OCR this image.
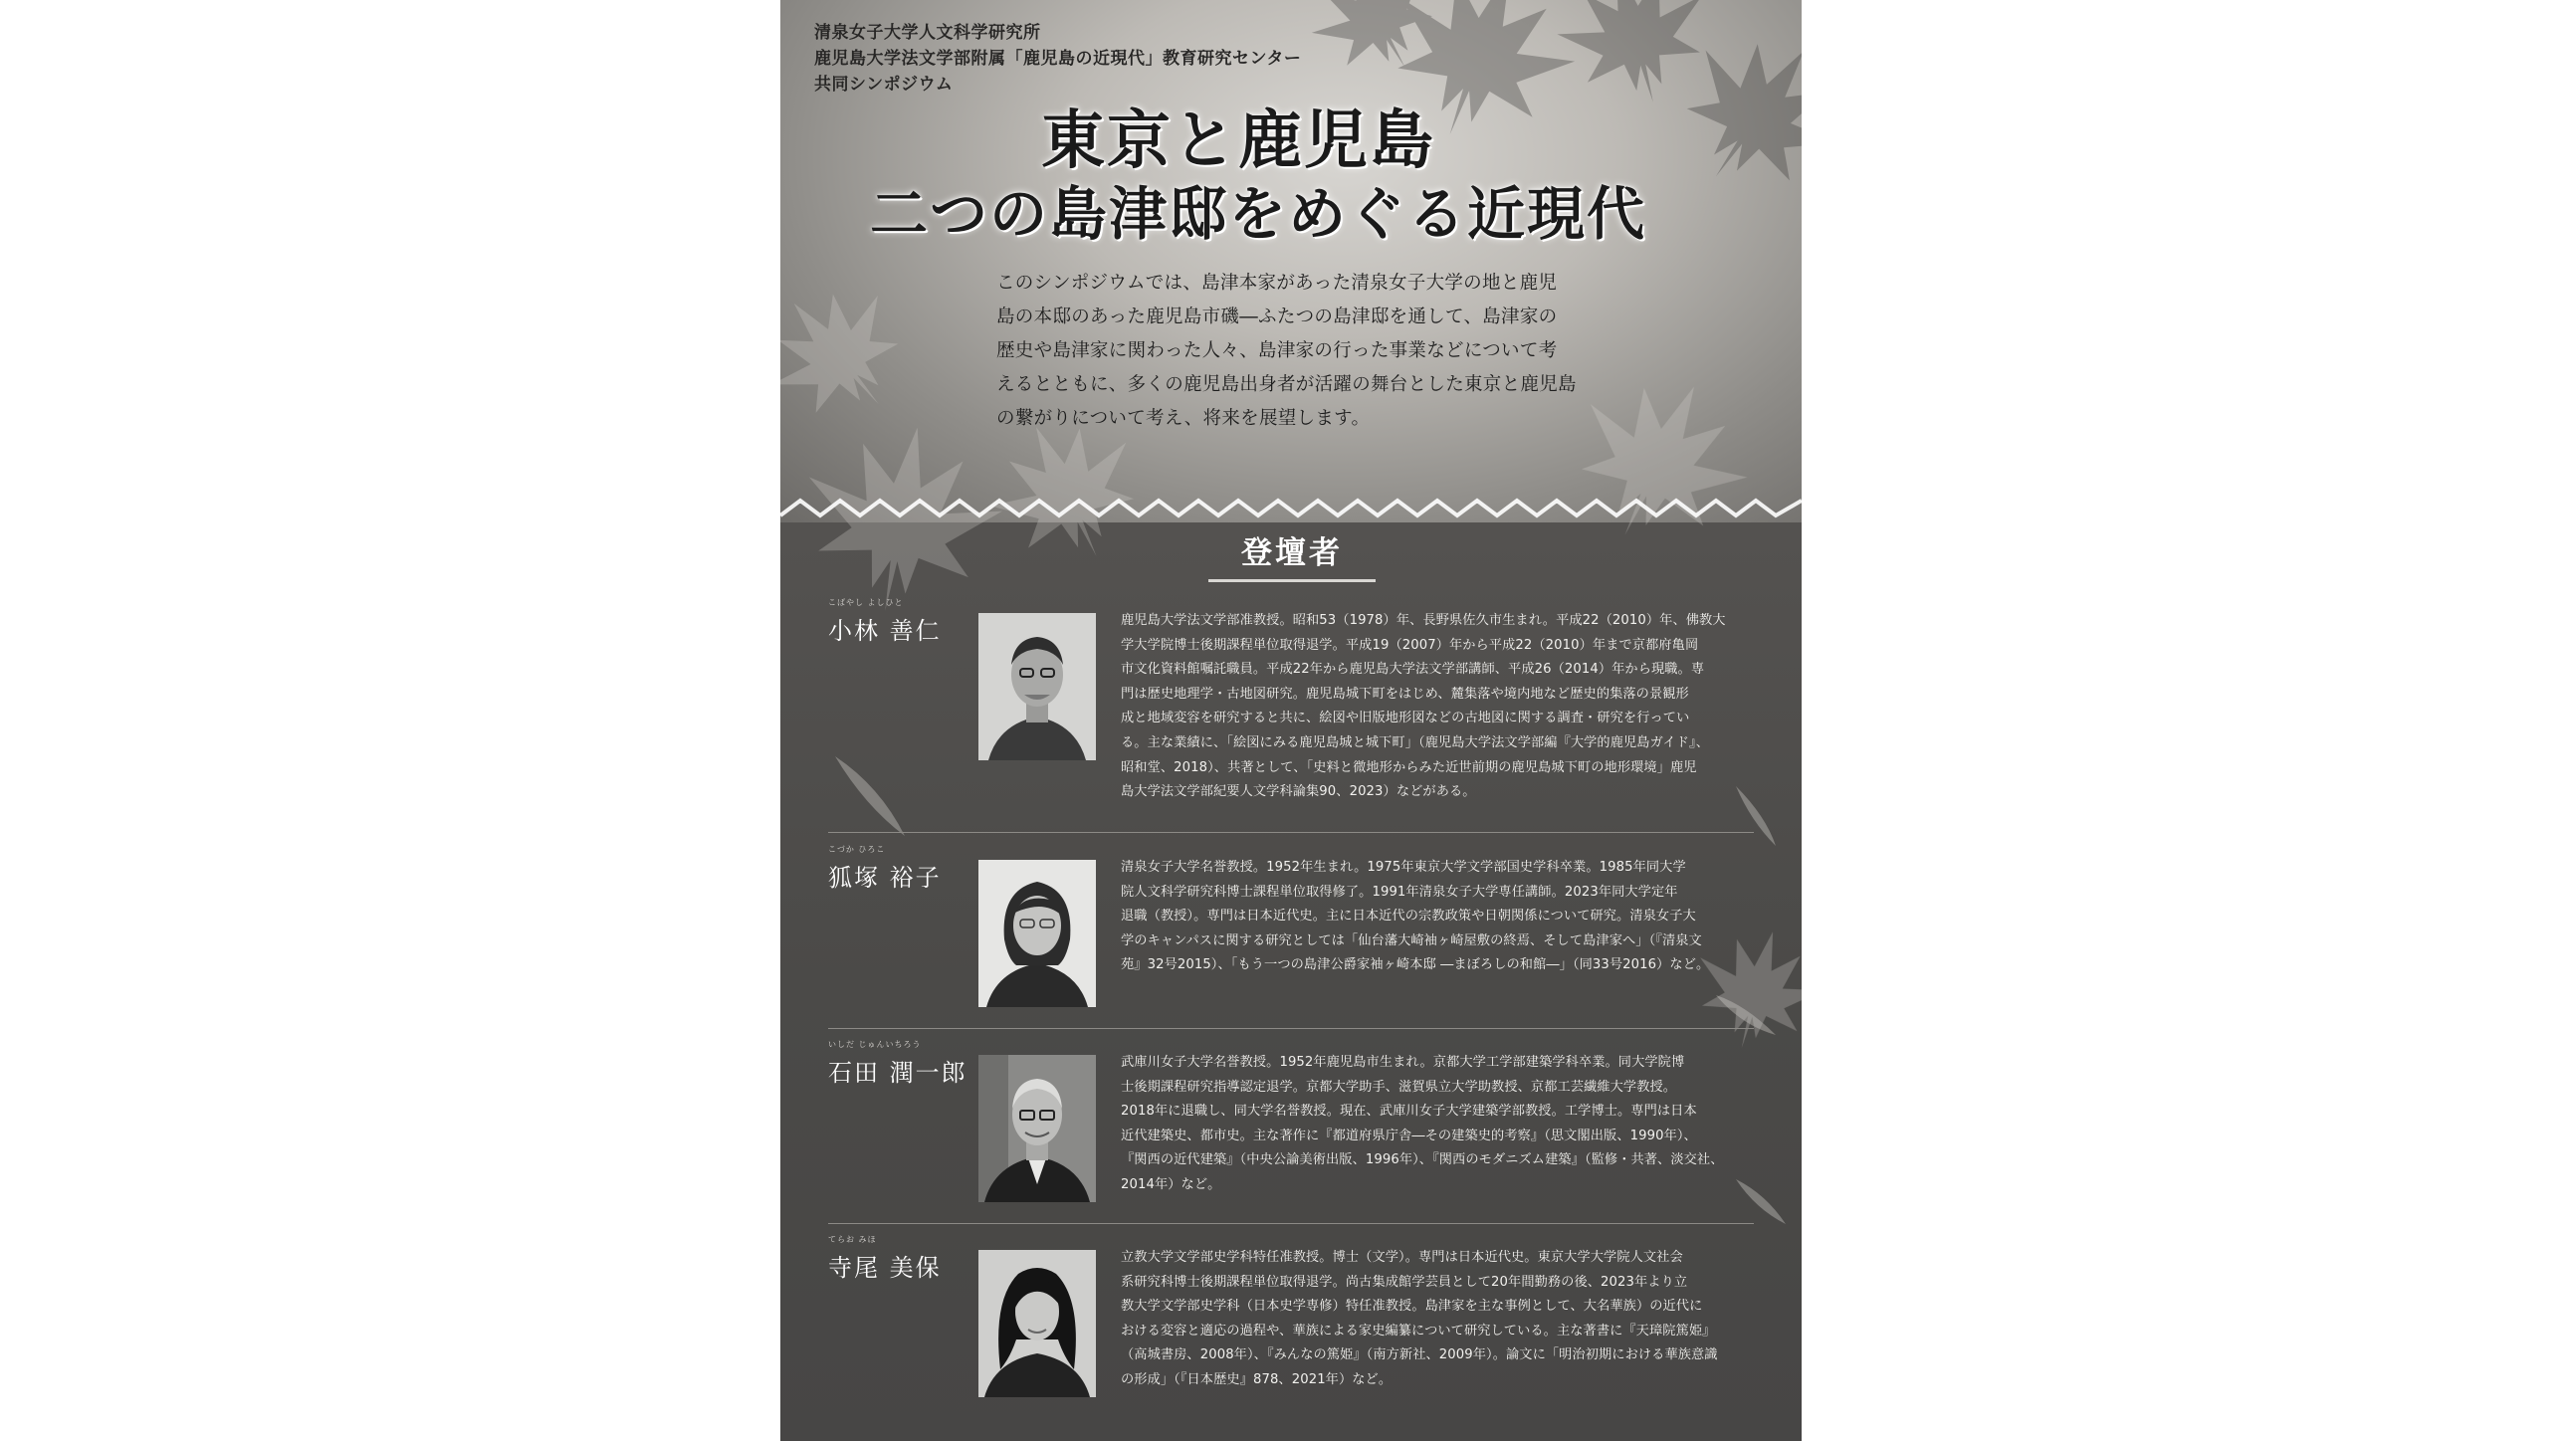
清泉女子大学人文科学研究所
鹿児島大学法文学部附属「鹿児島の近現代」教育研究センター
共同シンポジウム
東京と鹿児島
二つの島津邸をめぐる近現代
このシンポジウムでは、島津本家があった清泉女子大学の地と鹿児
島の本邸のあった鹿児島市磯―ふたつの島津邸を通して、島津家の
歴史や島津家に関わった人々、島津家の行った事業などについて考
えるとともに、多くの鹿児島出身者が活躍の舞台とした東京と鹿児島
の繋がりについて考え、将来を展望します。
登壇者
こばやし よしひと
小林 善仁	鹿児島大学法文学部准教授。昭和53（1978）年、長野県佐久市生まれ。平成22（2010）年、佛教大
学大学院博士後期課程単位取得退学。平成19（2007）年から平成22（2010）年まで京都府亀岡
市文化資料館嘱託職員。平成22年から鹿児島大学法文学部講師、平成26（2014）年から現職。専
門は歴史地理学・古地図研究。鹿児島城下町をはじめ、麓集落や境内地など歴史的集落の景観形
成と地域変容を研究すると共に、絵図や旧版地形図などの古地図に関する調査・研究を行ってい
る。主な業績に、「絵図にみる鹿児島城と城下町」（鹿児島大学法文学部編『大学的鹿児島ガイド』、
昭和堂、2018）、共著として、「史料と微地形からみた近世前期の鹿児島城下町の地形環境」鹿児
島大学法文学部紀要人文学科論集90、2023）などがある。
こづか ひろこ
狐塚 裕子	清泉女子大学名誉教授。1952年生まれ。1975年東京大学文学部国史学科卒業。1985年同大学
院人文科学研究科博士課程単位取得修了。1991年清泉女子大学専任講師。2023年同大学定年
退職（教授）。専門は日本近代史。主に日本近代の宗教政策や日朝関係について研究。清泉女子大
学のキャンパスに関する研究としては「仙台藩大崎袖ヶ崎屋敷の終焉、そして島津家へ」（『清泉文
苑』32号2015）、「もう一つの島津公爵家袖ヶ崎本邸 ―まぼろしの和館―」（同33号2016）など。
いしだ じゅんいちろう
石田 潤一郎	武庫川女子大学名誉教授。1952年鹿児島市生まれ。京都大学工学部建築学科卒業。同大学院博
士後期課程研究指導認定退学。京都大学助手、滋賀県立大学助教授、京都工芸繊維大学教授。
2018年に退職し、同大学名誉教授。現在、武庫川女子大学建築学部教授。工学博士。専門は日本
近代建築史、都市史。主な著作に『都道府県庁舎―その建築史的考察』（思文閣出版、1990年）、
『関西の近代建築』（中央公論美術出版、1996年）、『関西のモダニズム建築』（監修・共著、淡交社、
2014年）など。
てらお みほ
寺尾 美保	立教大学文学部史学科特任准教授。博士（文学）。専門は日本近代史。東京大学大学院人文社会
系研究科博士後期課程単位取得退学。尚古集成館学芸員として20年間勤務の後、2023年より立
教大学文学部史学科（日本史学専修）特任准教授。島津家を主な事例として、大名華族）の近代に
おける変容と適応の過程や、華族による家史編纂について研究している。主な著書に『天璋院篤姫』
（高城書房、2008年）、『みんなの篤姫』（南方新社、2009年）。論文に「明治初期における華族意識
の形成」（『日本歴史』878、2021年）など。
